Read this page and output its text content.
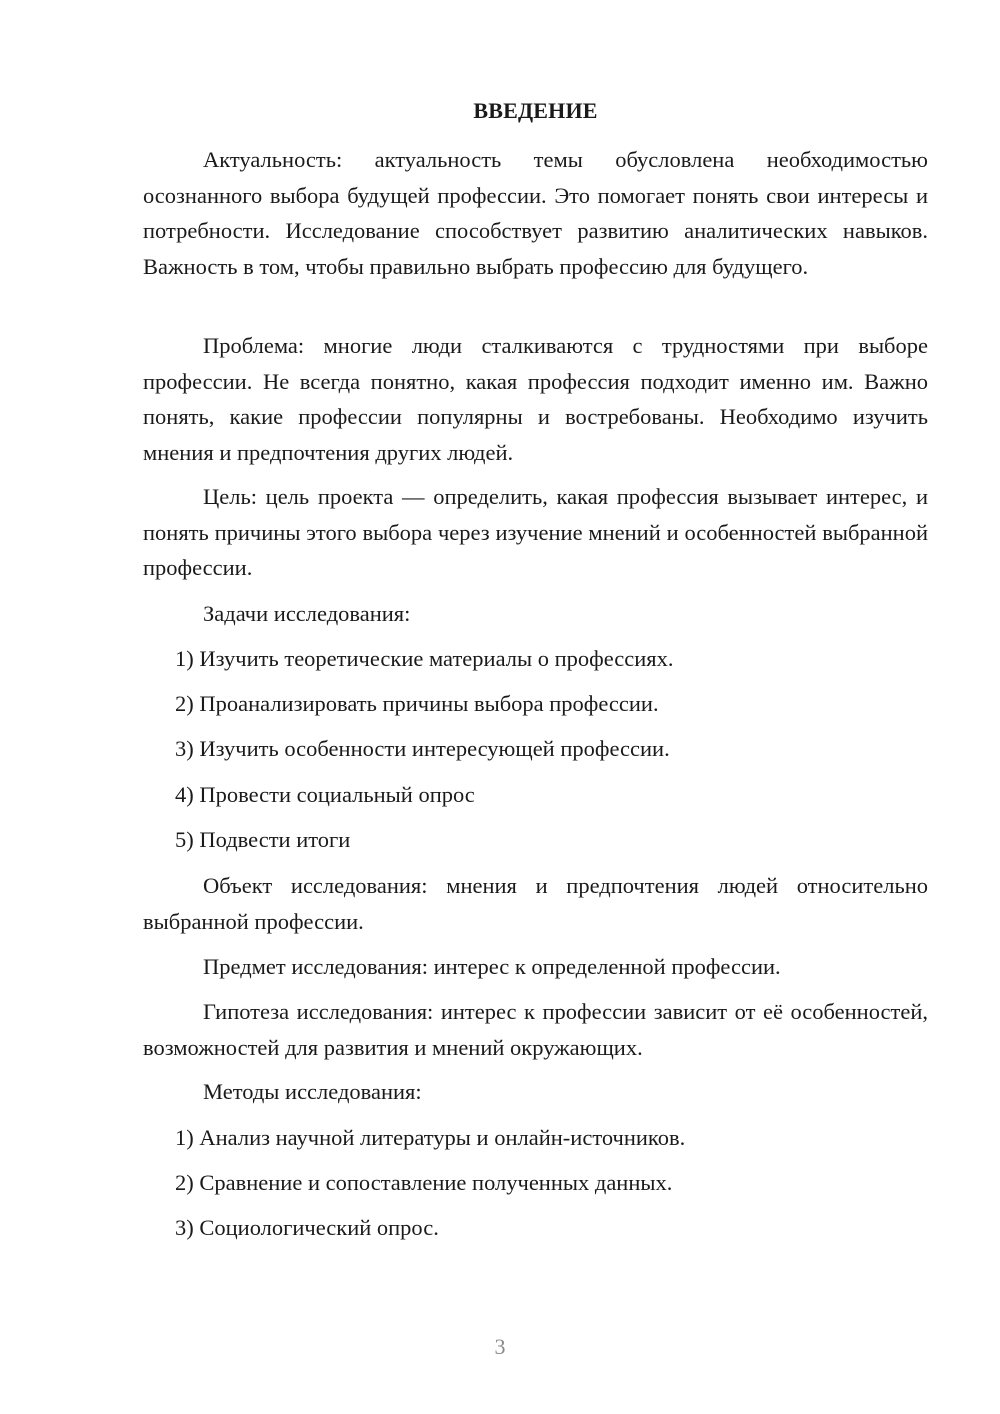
ВВЕДЕНИЕ
Актуальность: актуальность темы обусловлена необходимостью осознанного выбора будущей профессии. Это помогает понять свои интересы и потребности. Исследование способствует развитию аналитических навыков. Важность в том, чтобы правильно выбрать профессию для будущего.
Проблема: многие люди сталкиваются с трудностями при выборе профессии. Не всегда понятно, какая профессия подходит именно им. Важно понять, какие профессии популярны и востребованы. Необходимо изучить мнения и предпочтения других людей.
Цель: цель проекта — определить, какая профессия вызывает интерес, и понять причины этого выбора через изучение мнений и особенностей выбранной профессии.
Задачи исследования:
1) Изучить теоретические материалы о профессиях.
2) Проанализировать причины выбора профессии.
3) Изучить особенности интересующей профессии.
4) Провести социальный опрос
5) Подвести итоги
Объект исследования: мнения и предпочтения людей относительно выбранной профессии.
Предмет исследования: интерес к определенной профессии.
Гипотеза исследования: интерес к профессии зависит от её особенностей, возможностей для развития и мнений окружающих.
Методы исследования:
1) Анализ научной литературы и онлайн-источников.
2) Сравнение и сопоставление полученных данных.
3) Социологический опрос.
3
